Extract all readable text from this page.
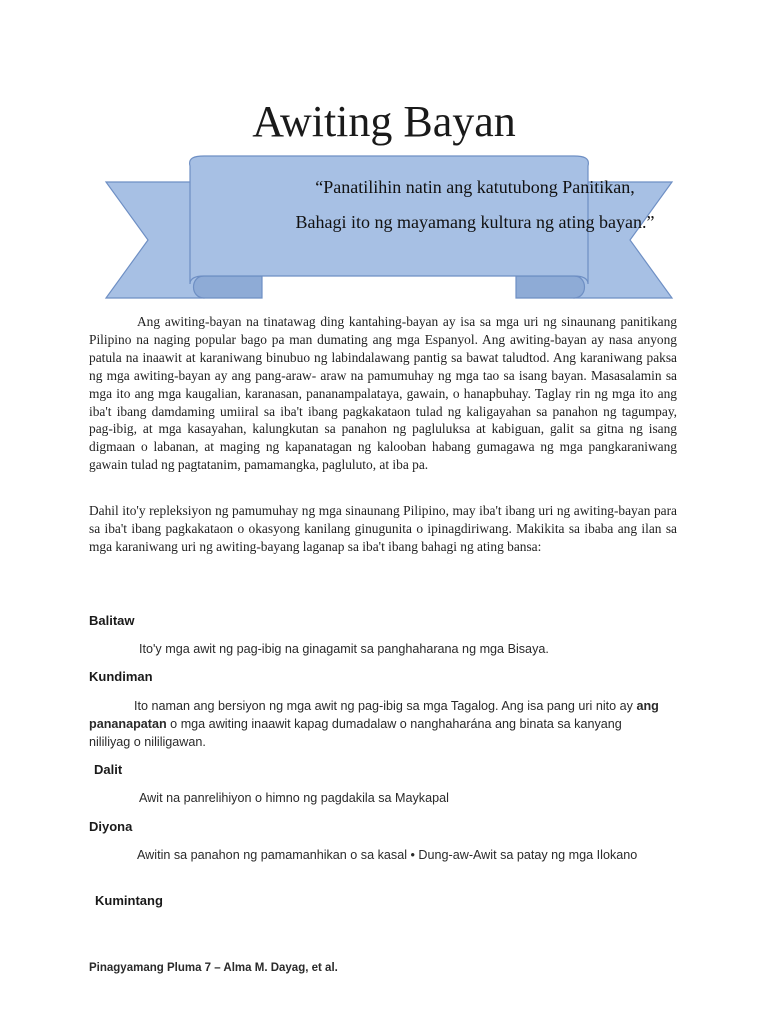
Awiting Bayan
“Panatilihin natin ang katutubong Panitikan,
Bahagi ito ng mayamang kultura ng ating bayan.”

Ang awiting-bayan na tinatawag ding kantahing-bayan ay isa sa mga uri ng sinaunang panitikang Pilipino na naging popular bago pa man dumating ang mga Espanyol. Ang awiting-bayan ay nasa anyong patula na inaawit at karaniwang binubuo ng labindalawang pantig sa bawat taludtod. Ang karaniwang paksa ng mga awiting-bayan ay ang pang-araw- araw na pamumuhay ng mga tao sa isang bayan. Masasalamin sa mga ito ang mga kaugalian, karanasan, pananampalataya, gawain, o hanapbuhay. Taglay rin ng mga ito ang iba't ibang damdaming umiiral sa iba't ibang pagkakataon tulad ng kaligayahan sa panahon ng tagumpay, pag-ibig, at mga kasayahan, kalungkutan sa panahon ng pagluluksa at kabiguan, galit sa gitna ng isang digmaan o labanan, at maging ng kapanatagan ng kalooban habang gumagawa ng mga pangkaraniwang gawain tulad ng pagtatanim, pamamangka, pagluluto, at iba pa.

Dahil ito'y repleksiyon ng pamumuhay ng mga sinaunang Pilipino, may iba't ibang uri ng awiting-bayan para sa iba't ibang pagkakataon o okasyong kanilang ginugunita o ipinagdiriwang. Makikita sa ibaba ang ilan sa mga karaniwang uri ng awiting-bayang laganap sa iba't ibang bahagi ng ating bansa:

Balitaw

Ito'y mga awit ng pag-ibig na ginagamit sa panghaharana ng mga Bisaya.

Kundiman

Ito naman ang bersiyon ng mga awit ng pag-ibig sa mga Tagalog. Ang isa pang uri nito ay ang pananapatan o mga awiting inaawit kapag dumadalaw o nanghaharána ang binata sa kanyang nililiyag o nililigawan.

Dalit

Awit na panrelihiyon o himno ng pagdakila sa Maykapal

Diyona

Awitin sa panahon ng pamamanhikan o sa kasal • Dung-aw-Awit sa patay ng mga Ilokano

Kumintang
Pinagyamang Pluma 7 – Alma M. Dayag, et al.
